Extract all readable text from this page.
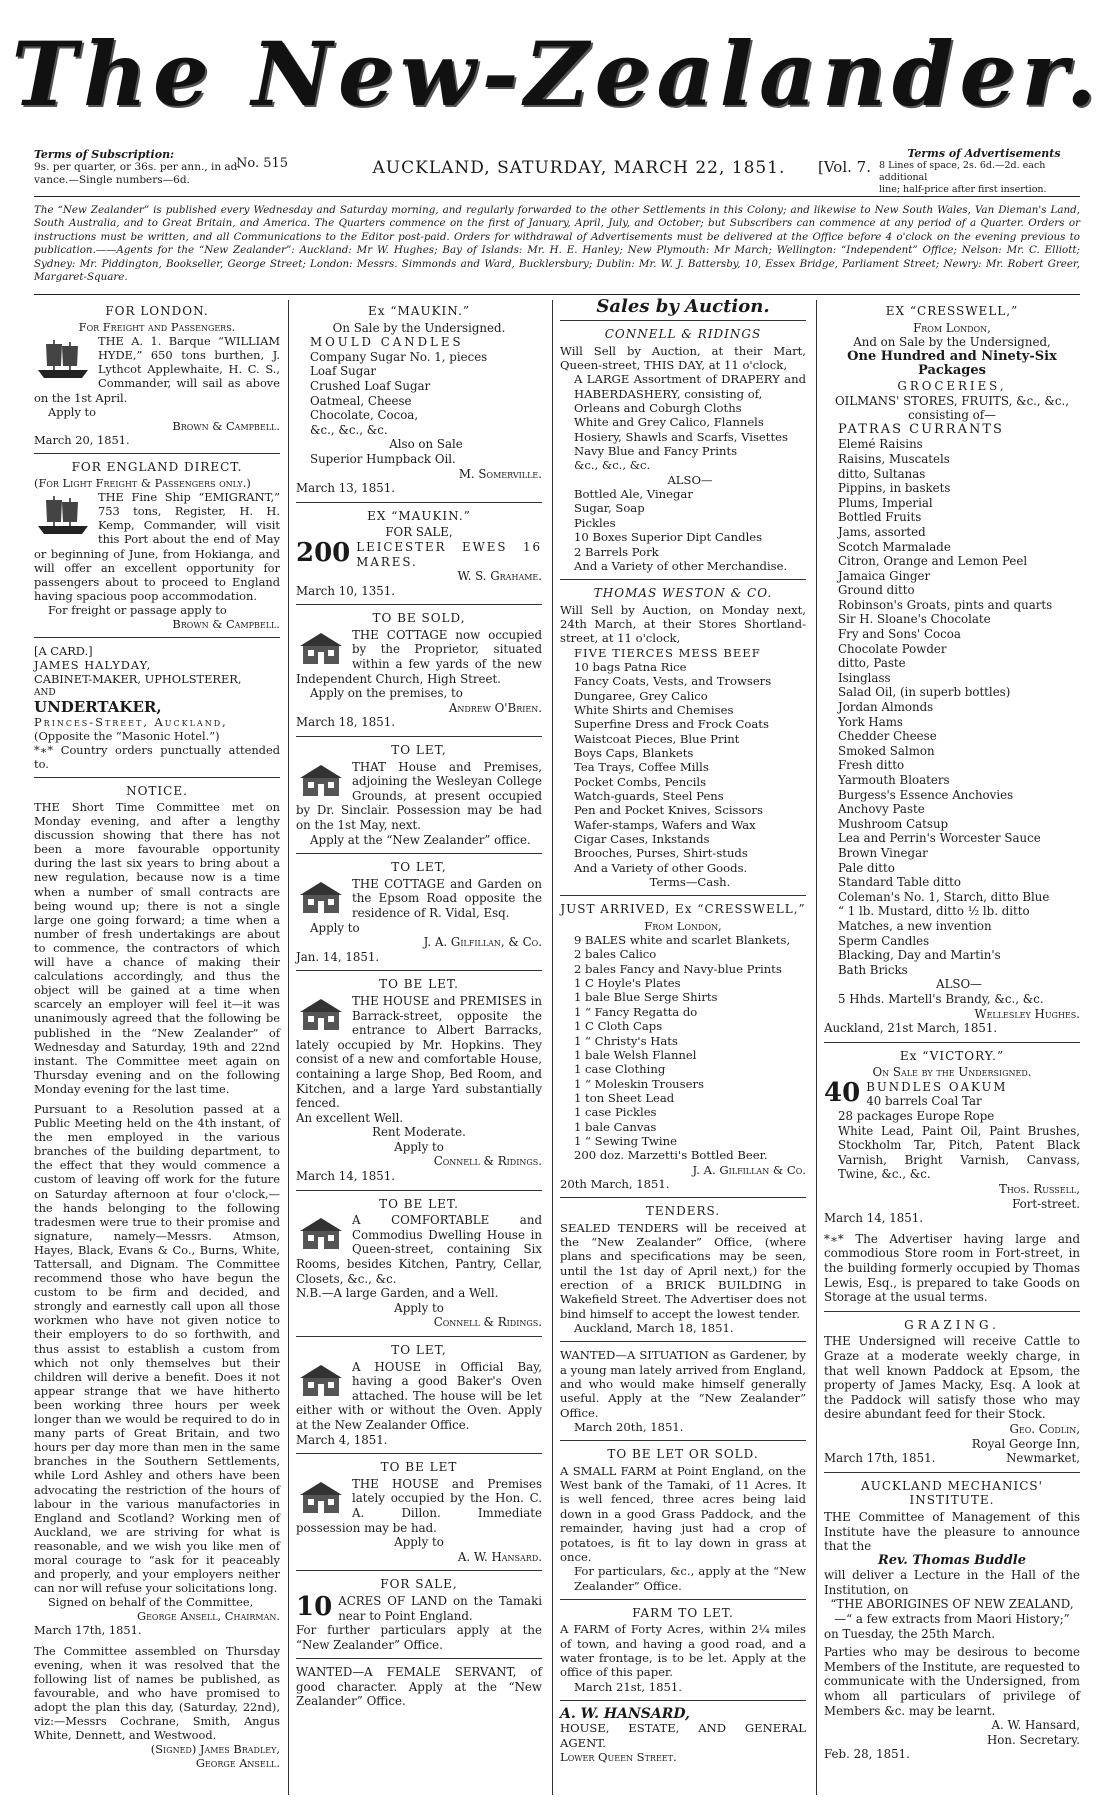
The New-Zealander.
Terms of Subscription:
9s. per quarter, or 36s. per ann., in ad-
vance.—Single numbers—6d.
No. 515	AUCKLAND, SATURDAY, MARCH 22, 1851.	[Vol. 7.
Terms of Advertisements
8 Lines of space, 2s. 6d.—2d. each additional
line; half-price after first insertion.
The “New Zealander” is published every Wednesday and Saturday morning, and regularly forwarded to the other Settlements in this Colony; and likewise to New South Wales, Van Dieman's Land, South Australia, and to Great Britain, and America. The Quarters commence on the first of January, April, July, and October; but Subscribers can commence at any period of a Quarter. Orders or instructions must be written, and all Communications to the Editor post-paid. Orders for withdrawal of Advertisements must be delivered at the Office before 4 o'clock on the evening previous to publication.——Agents for the “New Zealander”: Auckland: Mr W. Hughes; Bay of Islands: Mr. H. E. Hanley; New Plymouth: Mr March; Wellington: “Independent” Office; Nelson: Mr. C. Elliott; Sydney: Mr. Piddington, Bookseller, George Street; London: Messrs. Simmonds and Ward, Bucklersbury; Dublin: Mr. W. J. Battersby, 10, Essex Bridge, Parliament Street; Newry: Mr. Robert Greer, Margaret-Square.
FOR LONDON.
For Freight and Passengers.

THE A. 1. Barque “WILLIAM HYDE,” 650 tons burthen, J. Lythcot Applewhaite, H. C. S., Commander, will sail as above on the 1st April.

Apply to

Brown & Campbell.

March 20, 1851.

FOR ENGLAND DIRECT.
(For Light Freight & Passengers only.)

THE Fine Ship “EMIGRANT,” 753 tons, Register, H. H. Kemp, Commander, will visit this Port about the end of May or beginning of June, from Hokianga, and will offer an excellent opportunity for passengers about to proceed to England having spacious poop accommodation.

For freight or passage apply to

Brown & Campbell.

[A CARD.]

JAMES HALYDAY,

CABINET-MAKER, UPHOLSTERER,

AND

UNDERTAKER,

Princes-Street, Auckland,

(Opposite the “Masonic Hotel.”)

*∗* Country orders punctually attended to.

NOTICE.

THE Short Time Committee met on Monday evening, and after a lengthy discussion showing that there has not been a more favourable opportunity during the last six years to bring about a new regulation, because now is a time when a number of small contracts are being wound up; there is not a single large one going forward; a time when a number of fresh undertakings are about to commence, the contractors of which will have a chance of making their calculations accordingly, and thus the object will be gained at a time when scarcely an employer will feel it—it was unanimously agreed that the following be published in the “New Zealander” of Wednesday and Saturday, 19th and 22nd instant. The Committee meet again on Thursday evening and on the following Monday evening for the last time.

Pursuant to a Resolution passed at a Public Meeting held on the 4th instant, of the men employed in the various branches of the building department, to the effect that they would commence a custom of leaving off work for the future on Saturday afternoon at four o'clock,—the hands belonging to the following tradesmen were true to their promise and signature, namely—Messrs. Atmson, Hayes, Black, Evans & Co., Burns, White, Tattersall, and Dignam. The Committee recommend those who have begun the custom to be firm and decided, and strongly and earnestly call upon all those workmen who have not given notice to their employers to do so forthwith, and thus assist to establish a custom from which not only themselves but their children will derive a benefit. Does it not appear strange that we have hitherto been working three hours per week longer than we would be required to do in many parts of Great Britain, and two hours per day more than men in the same branches in the Southern Settlements, while Lord Ashley and others have been advocating the restriction of the hours of labour in the various manufactories in England and Scotland? Working men of Auckland, we are striving for what is reasonable, and we wish you like men of moral courage to “ask for it peaceably and properly, and your employers neither can nor will refuse your solicitations long.

Signed on behalf of the Committee,

George Ansell, Chairman.

March 17th, 1851.

The Committee assembled on Thursday evening, when it was resolved that the following list of names be published, as favourable, and who have promised to adopt the plan this day, (Saturday, 22nd), viz:—Messrs Cochrane, Smith, Angus White, Dennett, and Westwood.

(Signed) James Bradley,

George Ansell.

Ex “MAUKIN.”
On Sale by the Undersigned.

MOULD CANDLES

Company Sugar No. 1, pieces

Loaf Sugar

Crushed Loaf Sugar

Oatmeal, Cheese

Chocolate, Cocoa,

&c., &c., &c.

Also on Sale

Superior Humpback Oil.

M. Somerville.

March 13, 1851.

EX “MAUKIN.”
FOR SALE,
200 LEICESTER EWES 16 MARES.

W. S. Grahame.

March 10, 1351.

TO BE SOLD,

THE COTTAGE now occupied by the Proprietor, situated within a few yards of the new Independent Church, High Street.

Apply on the premises, to

Andrew O'Brien.

March 18, 1851.

TO LET,

THAT House and Premises, adjoining the Wesleyan College Grounds, at present occupied by Dr. Sinclair. Possession may be had on the 1st May, next.

Apply at the “New Zealander” office.

TO LET,

THE COTTAGE and Garden on the Epsom Road opposite the residence of R. Vidal, Esq.

Apply to

J. A. Gilfillan, & Co.

Jan. 14, 1851.

TO BE LET.

THE HOUSE and PREMISES in Barrack-street, opposite the entrance to Albert Barracks, lately occupied by Mr. Hopkins. They consist of a new and comfortable House, containing a large Shop, Bed Room, and Kitchen, and a large Yard substantially fenced.

An excellent Well.

Rent Moderate.

Apply to

Connell & Ridings.

March 14, 1851.

TO BE LET.

A COMFORTABLE and Commodius Dwelling House in Queen-street, containing Six Rooms, besides Kitchen, Pantry, Cellar, Closets, &c., &c.

N.B.—A large Garden, and a Well.

Apply to

Connell & Ridings.

TO LET,

A HOUSE in Official Bay, having a good Baker's Oven attached. The house will be let either with or without the Oven. Apply at the New Zealander Office.

March 4, 1851.

TO BE LET

THE HOUSE and Premises lately occupied by the Hon. C. A. Dillon. Immediate possession may be had.

Apply to

A. W. Hansard.

FOR SALE,
10 ACRES OF LAND on the Tamaki near to Point England.

For further particulars apply at the “New Zealander” Office.

WANTED—A FEMALE SERVANT, of good character. Apply at the “New Zealander” Office.

Sales by Auction.
CONNELL & RIDINGS

Will Sell by Auction, at their Mart, Queen-street, THIS DAY, at 11 o'clock,

A LARGE Assortment of DRAPERY and HABERDASHERY, consisting of,

Orleans and Coburgh Cloths

White and Grey Calico, Flannels

Hosiery, Shawls and Scarfs, Visettes

Navy Blue and Fancy Prints

&c., &c., &c.

ALSO—

Bottled Ale, Vinegar

Sugar, Soap

Pickles

10 Boxes Superior Dipt Candles

2 Barrels Pork

And a Variety of other Merchandise.

THOMAS WESTON & CO.

Will Sell by Auction, on Monday next, 24th March, at their Stores Shortland-street, at 11 o'clock,

FIVE TIERCES MESS BEEF

10 bags Patna Rice

Fancy Coats, Vests, and Trowsers

Dungaree, Grey Calico

White Shirts and Chemises

Superfine Dress and Frock Coats

Waistcoat Pieces, Blue Print

Boys Caps, Blankets

Tea Trays, Coffee Mills

Pocket Combs, Pencils

Watch-guards, Steel Pens

Pen and Pocket Knives, Scissors

Wafer-stamps, Wafers and Wax

Cigar Cases, Inkstands

Brooches, Purses, Shirt-studs

And a Variety of other Goods.

Terms—Cash.

JUST ARRIVED, Ex “CRESSWELL,”
From London,

9 BALES white and scarlet Blankets,

2 bales Calico

2 bales Fancy and Navy-blue Prints

1 C Hoyle's Plates

1 bale Blue Serge Shirts

1 “ Fancy Regatta do

1 C Cloth Caps

1 “ Christy's Hats

1 bale Welsh Flannel

1 case Clothing

1 “ Moleskin Trousers

1 ton Sheet Lead

1 case Pickles

1 bale Canvas

1 “ Sewing Twine

200 doz. Marzetti's Bottled Beer.

J. A. Gilfillan & Co.

20th March, 1851.

TENDERS.

SEALED TENDERS will be received at the “New Zealander” Office, (where plans and specifications may be seen, until the 1st day of April next,) for the erection of a BRICK BUILDING in Wakefield Street. The Advertiser does not bind himself to accept the lowest tender.

Auckland, March 18, 1851.

WANTED—A SITUATION as Gardener, by a young man lately arrived from England, and who would make himself generally useful. Apply at the “New Zealander” Office.

March 20th, 1851.

TO BE LET OR SOLD.

A SMALL FARM at Point England, on the West bank of the Tamaki, of 11 Acres. It is well fenced, three acres being laid down in a good Grass Paddock, and the remainder, having just had a crop of potatoes, is fit to lay down in grass at once.

For particulars, &c., apply at the “New Zealander” Office.

FARM TO LET.

A FARM of Forty Acres, within 2¼ miles of town, and having a good road, and a water frontage, is to be let. Apply at the office of this paper.

March 21st, 1851.

A. W. HANSARD,

HOUSE, ESTATE, AND GENERAL AGENT.

Lower Queen Street.

EX “CRESSWELL,”
From London,
And on Sale by the Undersigned,
One Hundred and Ninety-Six Packages
GROCERIES,
OILMANS' STORES, FRUITS, &c., &c.,
consisting of—

PATRAS CURRANTS

Elemé Raisins

Raisins, Muscatels

ditto, Sultanas

Pippins, in baskets

Plums, Imperial

Bottled Fruits

Jams, assorted

Scotch Marmalade

Citron, Orange and Lemon Peel

Jamaica Ginger

Ground ditto

Robinson's Groats, pints and quarts

Sir H. Sloane's Chocolate

Fry and Sons' Cocoa

Chocolate Powder

ditto, Paste

Isinglass

Salad Oil, (in superb bottles)

Jordan Almonds

York Hams

Chedder Cheese

Smoked Salmon

Fresh ditto

Yarmouth Bloaters

Burgess's Essence Anchovies

Anchovy Paste

Mushroom Catsup

Lea and Perrin's Worcester Sauce

Brown Vinegar

Pale ditto

Standard Table ditto

Coleman's No. 1, Starch, ditto Blue

“ 1 lb. Mustard, ditto ½ lb. ditto

Matches, a new invention

Sperm Candles

Blacking, Day and Martin's

Bath Bricks

ALSO—

5 Hhds. Martell's Brandy, &c., &c.

Wellesley Hughes.

Auckland, 21st March, 1851.

Ex “VICTORY.”
On Sale by the Undersigned.
40 BUNDLES OAKUM

40 barrels Coal Tar

28 packages Europe Rope

White Lead, Paint Oil, Paint Brushes, Stockholm Tar, Pitch, Patent Black Varnish, Bright Varnish, Canvass, Twine, &c., &c.

Thos. Russell,

Fort-street.

March 14, 1851.

*∗* The Advertiser having large and commodious Store room in Fort-street, in the building formerly occupied by Thomas Lewis, Esq., is prepared to take Goods on Storage at the usual terms.

GRAZING.

THE Undersigned will receive Cattle to Graze at a moderate weekly charge, in that well known Paddock at Epsom, the property of James Macky, Esq. A look at the Paddock will satisfy those who may desire abundant feed for their Stock.

Geo. Codlin,

Royal George Inn,

March 17th, 1851.	Newmarket,

AUCKLAND MECHANICS' INSTITUTE.

THE Committee of Management of this Institute have the pleasure to announce that the

Rev. Thomas Buddle

will deliver a Lecture in the Hall of the Institution, on

“THE ABORIGINES OF NEW ZEALAND,—“ a few extracts from Maori History;”

on Tuesday, the 25th March.

Parties who may be desirous to become Members of the Institute, are requested to communicate with the Undersigned, from whom all particulars of privilege of Members &c. may be learnt.

A. W. Hansard,

Hon. Secretary.

Feb. 28, 1851.
